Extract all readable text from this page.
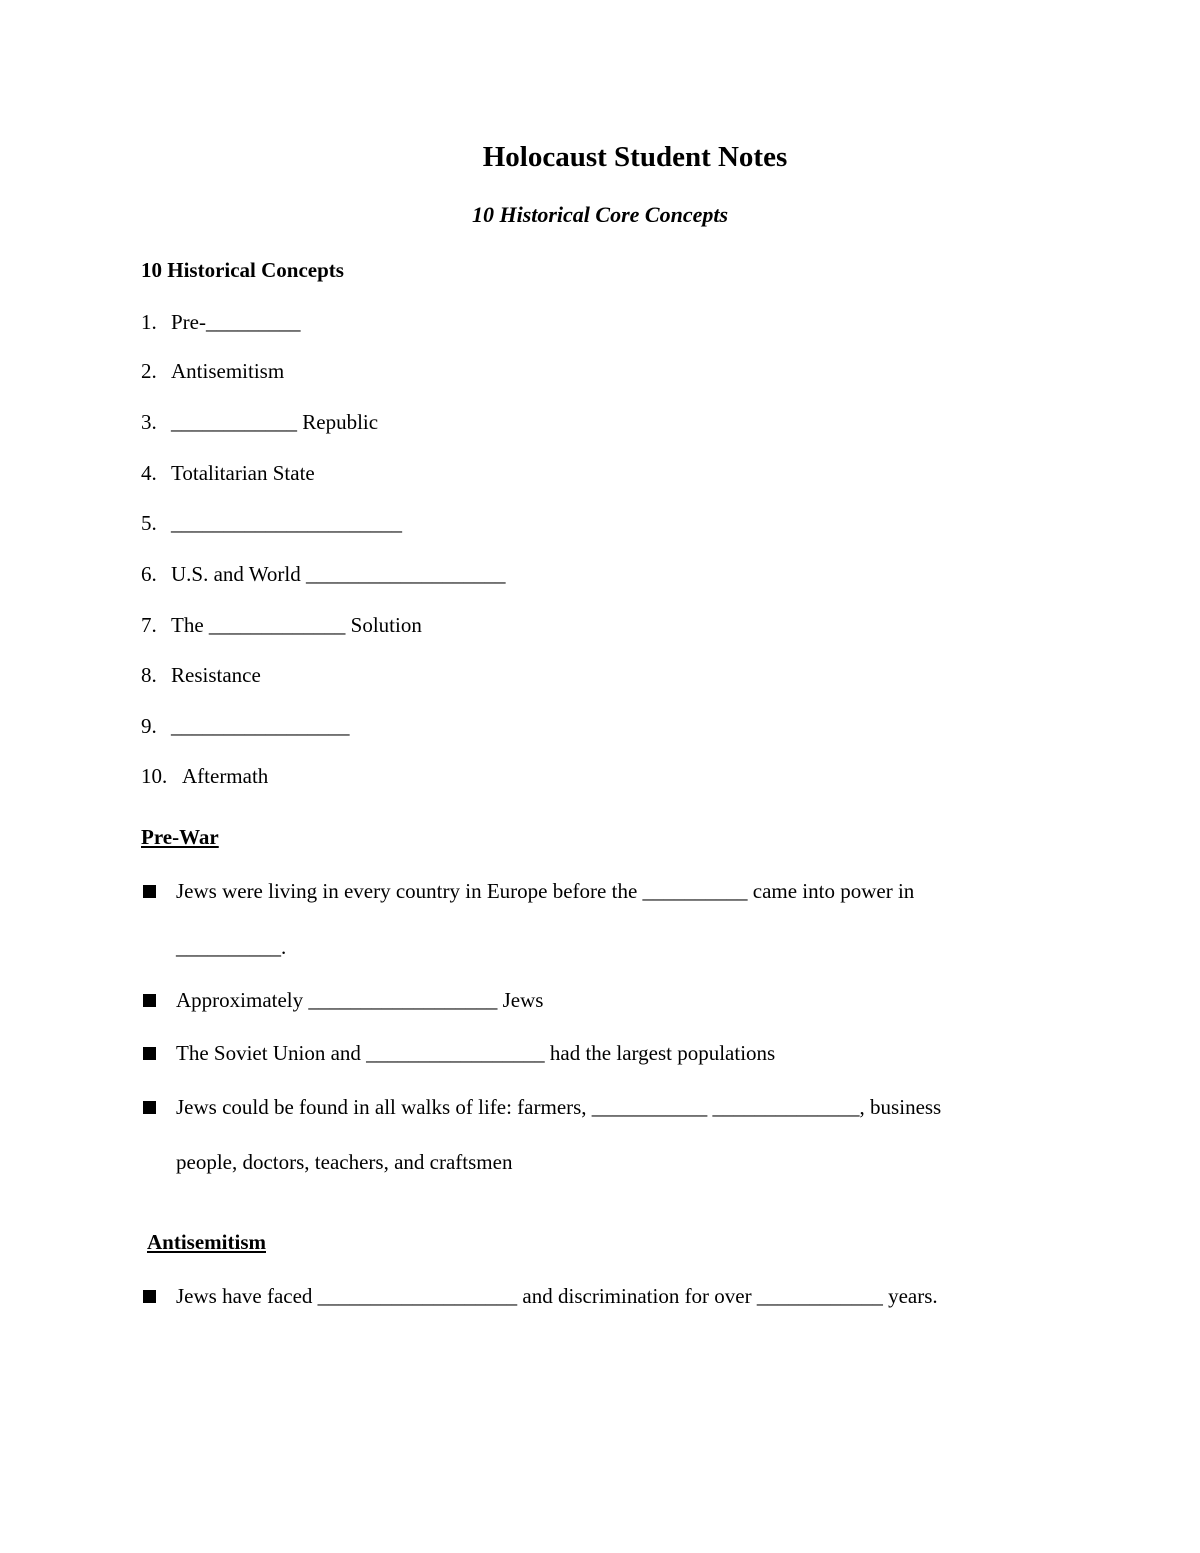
Holocaust Student Notes
10 Historical Core Concepts
10 Historical Concepts
1. Pre-_________
2. Antisemitism
3. ____________ Republic
4. Totalitarian State
5. ______________________
6. U.S. and World ___________________
7. The _____________ Solution
8. Resistance
9. _________________
10. Aftermath
Pre-War

Jews were living in every country in Europe before the __________ came into power in

__________.

Approximately __________________ Jews

The Soviet Union and _________________ had the largest populations

Jews could be found in all walks of life: farmers, ___________ ______________, business

people, doctors, teachers, and craftsmen
Antisemitism

Jews have faced ___________________ and discrimination for over ____________ years.
